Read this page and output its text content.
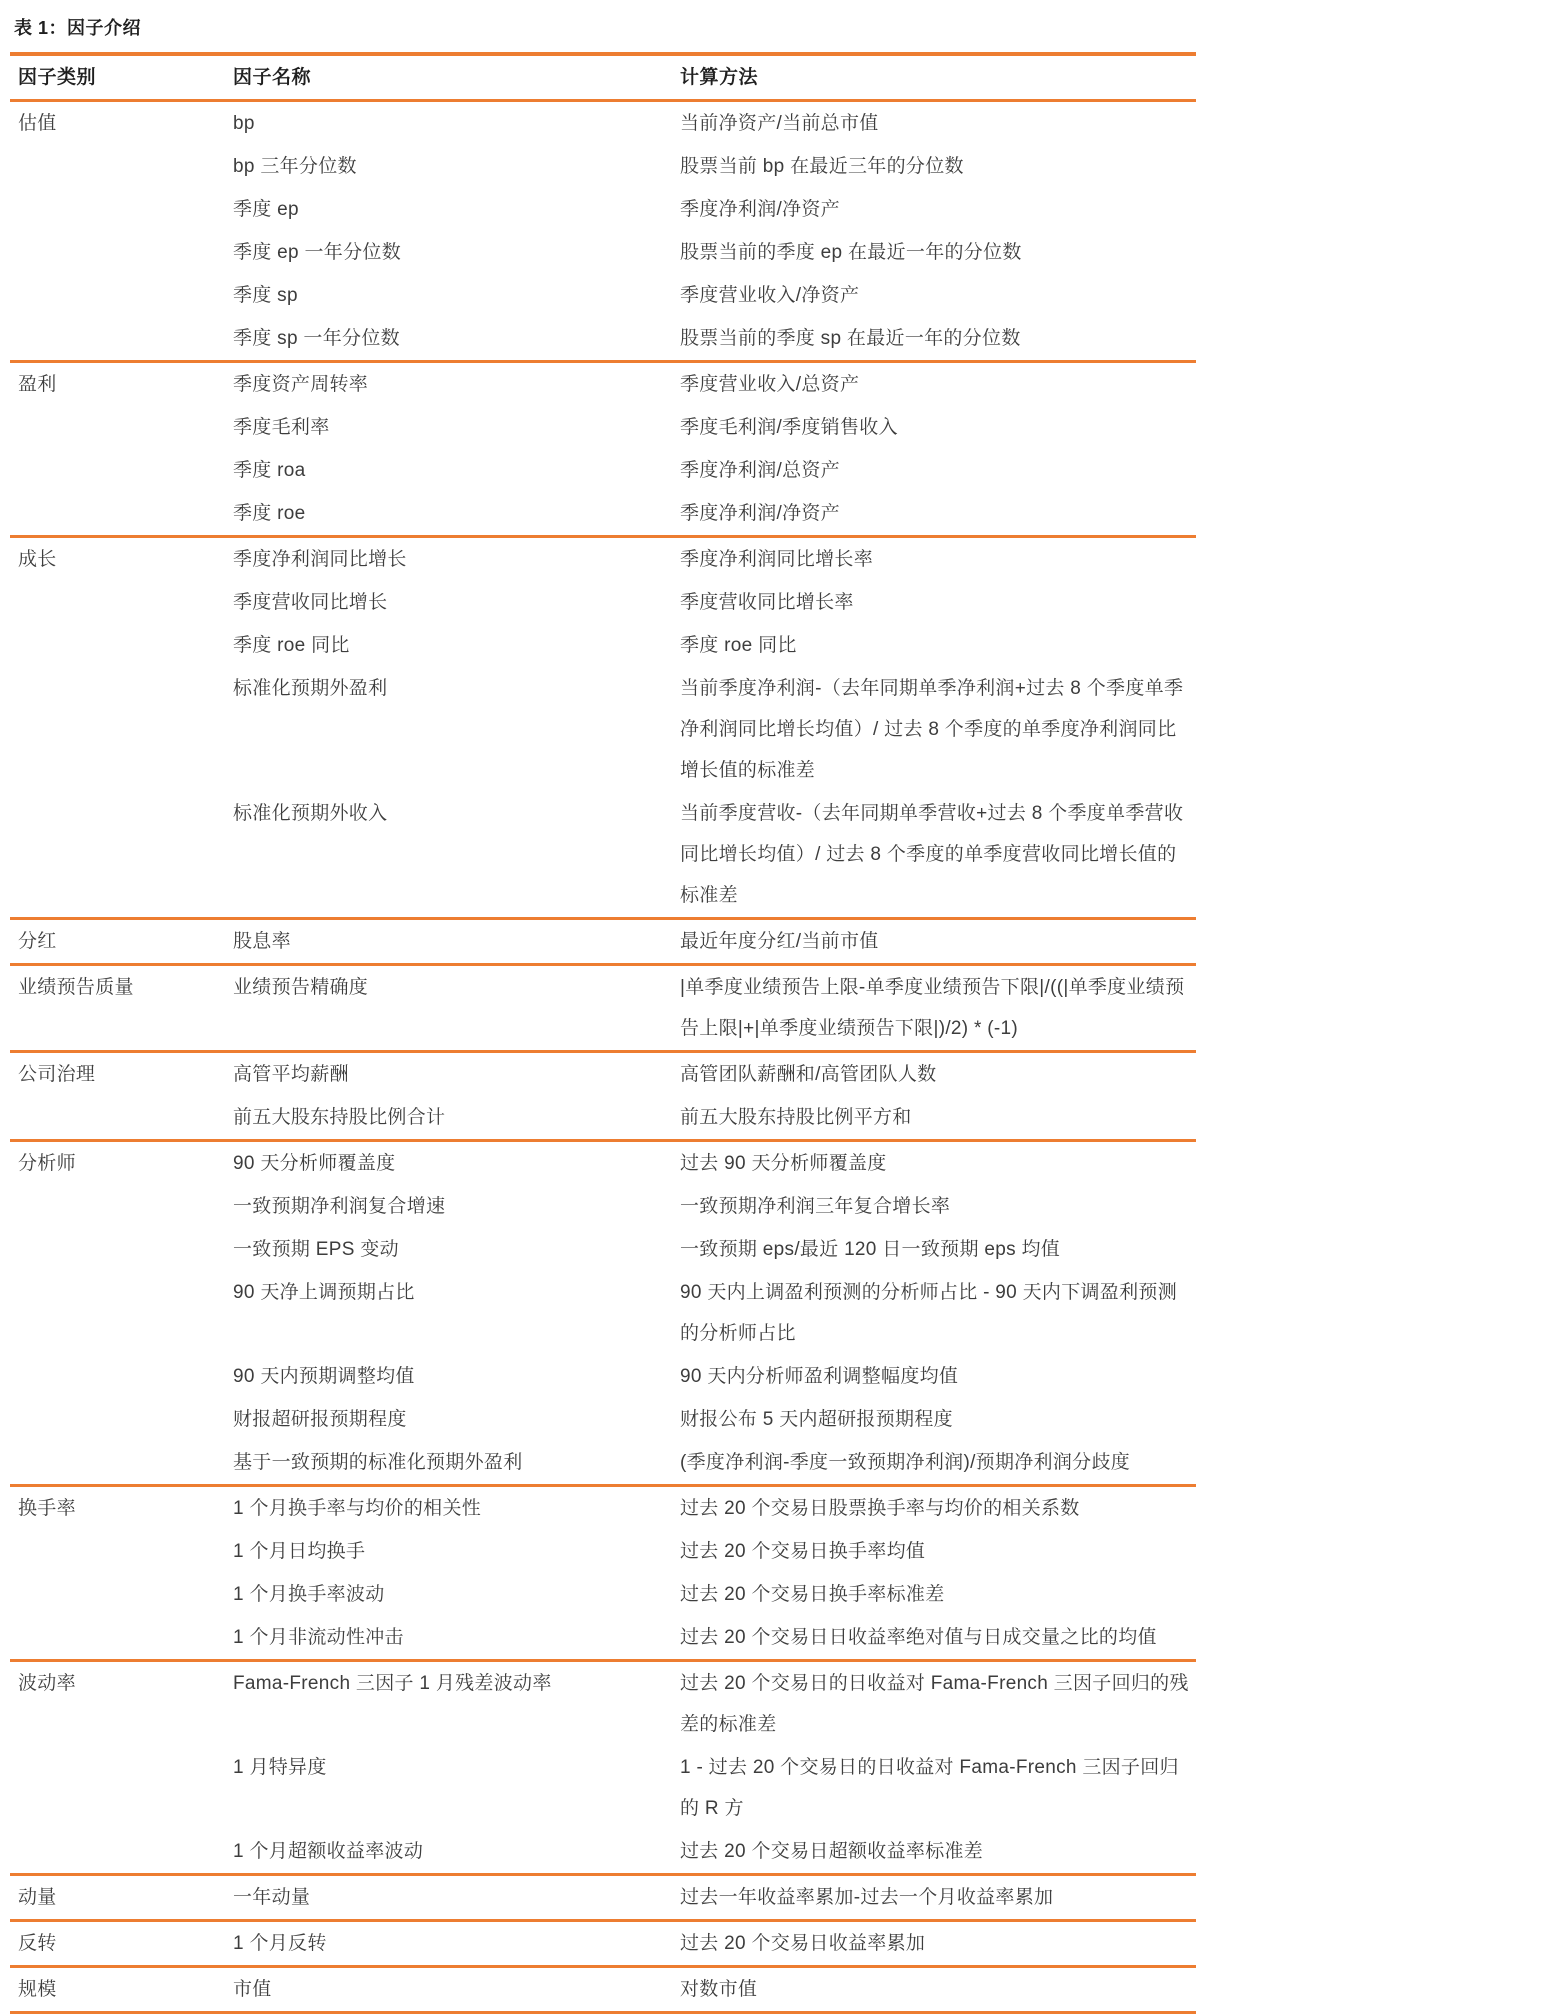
表 1：因子介绍
因子类别	因子名称	计算方法
估值	bp	当前净资产/当前总市值
	bp 三年分位数	股票当前 bp 在最近三年的分位数
	季度 ep	季度净利润/净资产
	季度 ep 一年分位数	股票当前的季度 ep 在最近一年的分位数
	季度 sp	季度营业收入/净资产
	季度 sp 一年分位数	股票当前的季度 sp 在最近一年的分位数
盈利	季度资产周转率	季度营业收入/总资产
	季度毛利率	季度毛利润/季度销售收入
	季度 roa	季度净利润/总资产
	季度 roe	季度净利润/净资产
成长	季度净利润同比增长	季度净利润同比增长率
	季度营收同比增长	季度营收同比增长率
	季度 roe 同比	季度 roe 同比
	标准化预期外盈利	当前季度净利润-（去年同期单季净利润+过去 8 个季度单季净利润同比增长均值）/ 过去 8 个季度的单季度净利润同比增长值的标准差
	标准化预期外收入	当前季度营收-（去年同期单季营收+过去 8 个季度单季营收同比增长均值）/ 过去 8 个季度的单季度营收同比增长值的标准差
分红	股息率	最近年度分红/当前市值
业绩预告质量	业绩预告精确度	|单季度业绩预告上限-单季度业绩预告下限|/((|单季度业绩预告上限|+|单季度业绩预告下限|)/2) * (-1)
公司治理	高管平均薪酬	高管团队薪酬和/高管团队人数
	前五大股东持股比例合计	前五大股东持股比例平方和
分析师	90 天分析师覆盖度	过去 90 天分析师覆盖度
	一致预期净利润复合增速	一致预期净利润三年复合增长率
	一致预期 EPS 变动	一致预期 eps/最近 120 日一致预期 eps 均值
	90 天净上调预期占比	90 天内上调盈利预测的分析师占比 - 90 天内下调盈利预测的分析师占比
	90 天内预期调整均值	90 天内分析师盈利调整幅度均值
	财报超研报预期程度	财报公布 5 天内超研报预期程度
	基于一致预期的标准化预期外盈利	(季度净利润-季度一致预期净利润)/预期净利润分歧度
换手率	1 个月换手率与均价的相关性	过去 20 个交易日股票换手率与均价的相关系数
	1 个月日均换手	过去 20 个交易日换手率均值
	1 个月换手率波动	过去 20 个交易日换手率标准差
	1 个月非流动性冲击	过去 20 个交易日日收益率绝对值与日成交量之比的均值
波动率	Fama-French 三因子 1 月残差波动率	过去 20 个交易日的日收益对 Fama-French 三因子回归的残差的标准差
	1 月特异度	1 - 过去 20 个交易日的日收益对 Fama-French 三因子回归的 R 方
	1 个月超额收益率波动	过去 20 个交易日超额收益率标准差
动量	一年动量	过去一年收益率累加-过去一个月收益率累加
反转	1 个月反转	过去 20 个交易日收益率累加
规模	市值	对数市值
